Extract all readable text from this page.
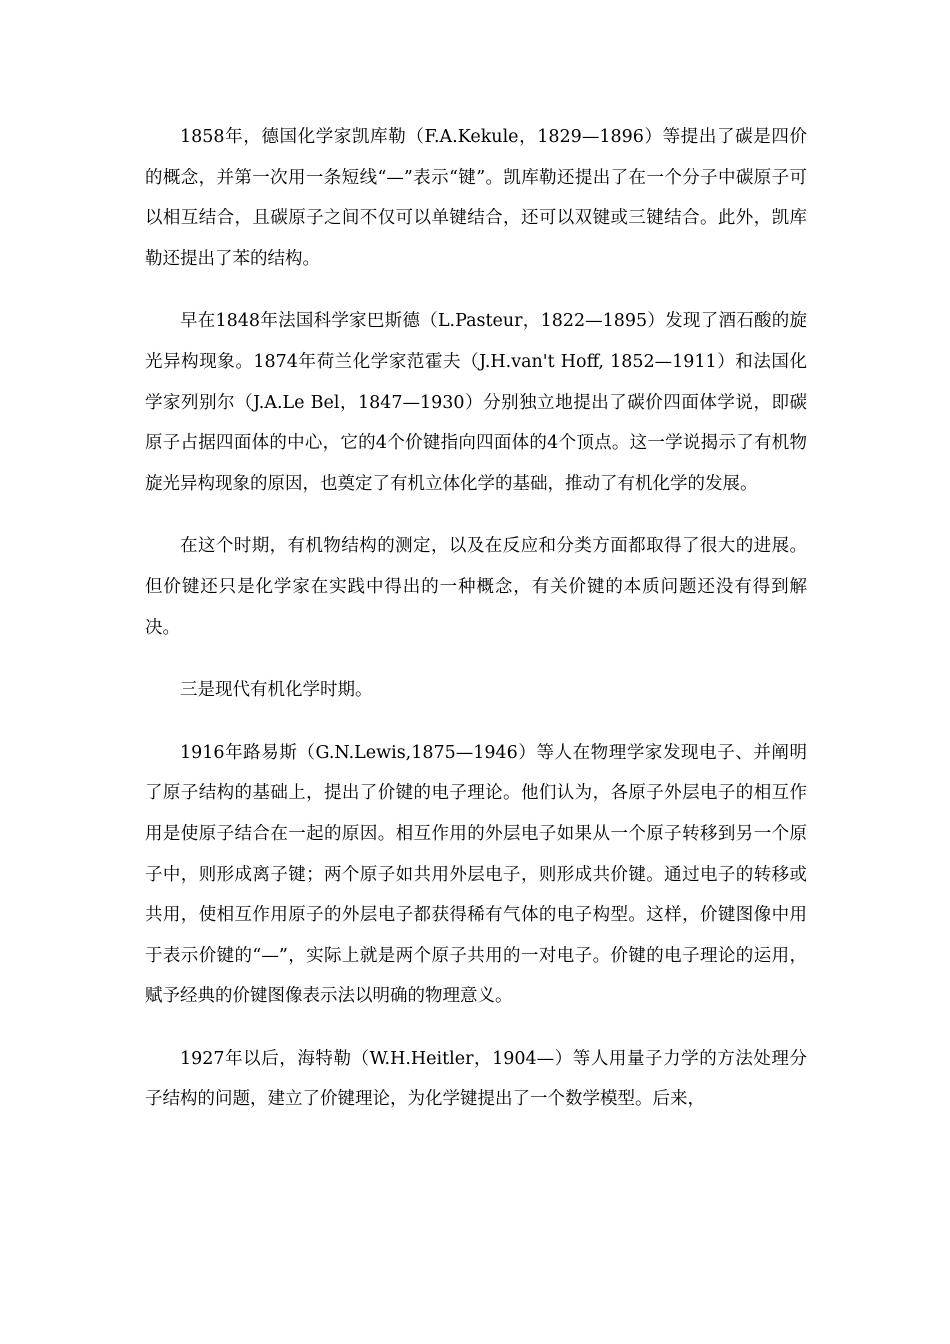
1858年，德国化学家凯库勒（F.A.Kekule，1829—1896）等提出了碳是四价的概念，并第一次用一条短线“—”表示“键”。凯库勒还提出了在一个分子中碳原子可以相互结合，且碳原子之间不仅可以单键结合，还可以双键或三键结合。此外，凯库勒还提出了苯的结构。

早在1848年法国科学家巴斯德（L.Pasteur，1822—1895）发现了酒石酸的旋光异构现象。1874年荷兰化学家范霍夫（J.H.van't Hoff, 1852—1911）和法国化学家列别尔（J.A.Le Bel，1847—1930）分别独立地提出了碳价四面体学说，即碳原子占据四面体的中心，它的4个价键指向四面体的4个顶点。这一学说揭示了有机物旋光异构现象的原因，也奠定了有机立体化学的基础，推动了有机化学的发展。

在这个时期，有机物结构的测定，以及在反应和分类方面都取得了很大的进展。但价键还只是化学家在实践中得出的一种概念，有关价键的本质问题还没有得到解决。

三是现代有机化学时期。

1916年路易斯（G.N.Lewis,1875—1946）等人在物理学家发现电子、并阐明了原子结构的基础上，提出了价键的电子理论。他们认为，各原子外层电子的相互作用是使原子结合在一起的原因。相互作用的外层电子如果从一个原子转移到另一个原子中，则形成离子键；两个原子如共用外层电子，则形成共价键。通过电子的转移或共用，使相互作用原子的外层电子都获得稀有气体的电子构型。这样，价键图像中用于表示价键的“—”，实际上就是两个原子共用的一对电子。价键的电子理论的运用，赋予经典的价键图像表示法以明确的物理意义。

1927年以后，海特勒（W.H.Heitler，1904—）等人用量子力学的方法处理分子结构的问题，建立了价键理论，为化学键提出了一个数学模型。后来，
